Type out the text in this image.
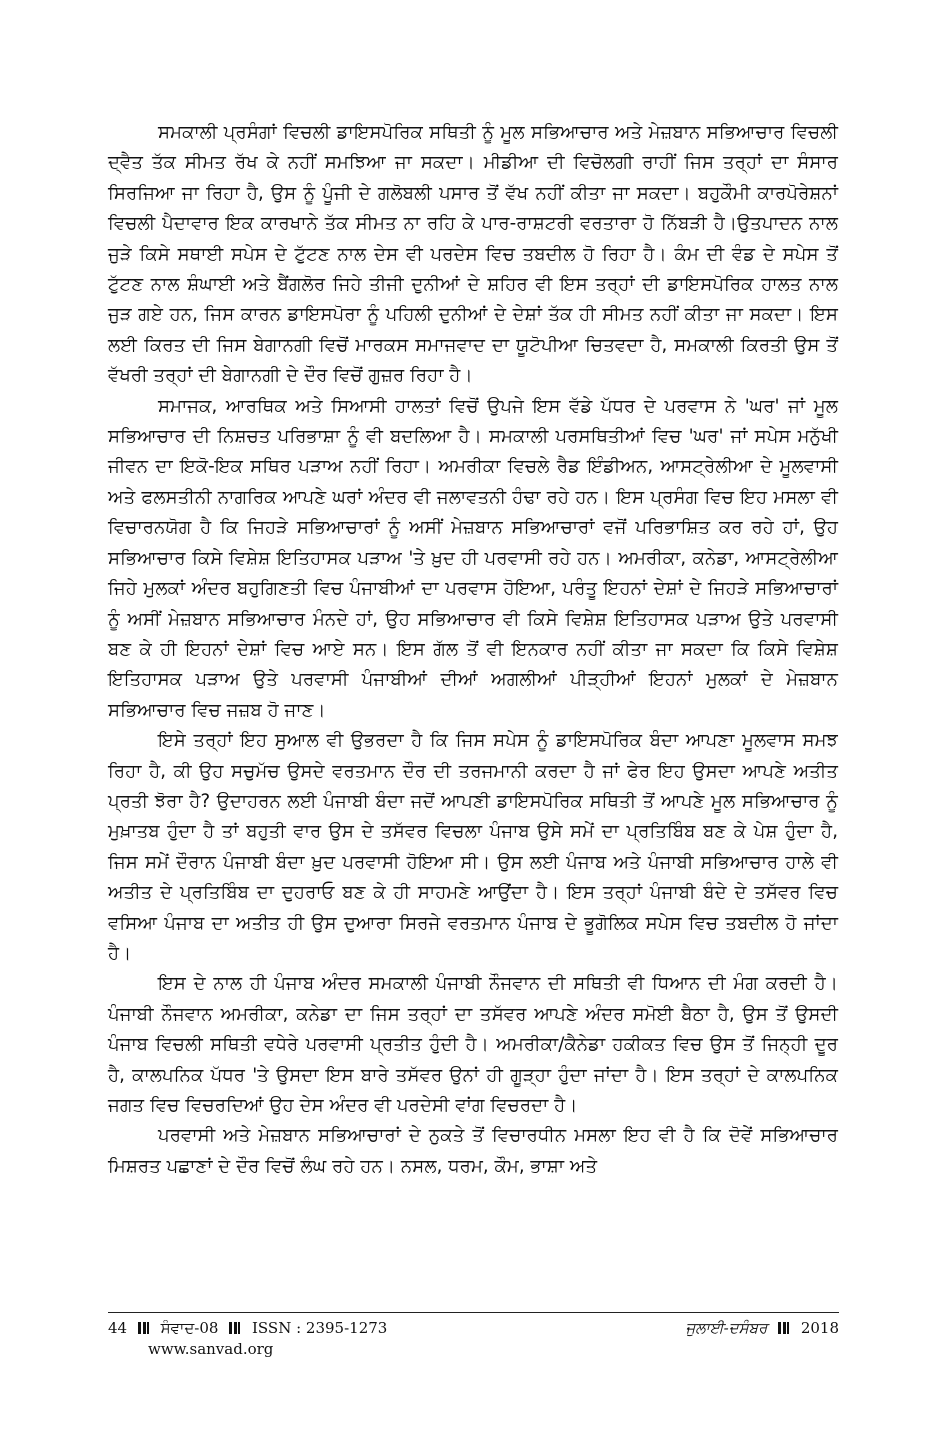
ਸਮਕਾਲੀ ਪ੍ਰਸੰਗਾਂ ਵਿਚਲੀ ਡਾਇਸਪੋਰਿਕ ਸਥਿਤੀ ਨੂੰ ਮੂਲ ਸਭਿਆਚਾਰ ਅਤੇ ਮੇਜ਼ਬਾਨ ਸਭਿਆਚਾਰ ਵਿਚਲੀ ਦ੍ਵੈਤ ਤੱਕ ਸੀਮਤ ਰੱਖ ਕੇ ਨਹੀਂ ਸਮਝਿਆ ਜਾ ਸਕਦਾ। ਮੀਡੀਆ ਦੀ ਵਿਚੋਲਗੀ ਰਾਹੀਂ ਜਿਸ ਤਰ੍ਹਾਂ ਦਾ ਸੰਸਾਰ ਸਿਰਜਿਆ ਜਾ ਰਿਹਾ ਹੈ, ਉਸ ਨੂੰ ਪੂੰਜੀ ਦੇ ਗਲੋਬਲੀ ਪਸਾਰ ਤੋਂ ਵੱਖ ਨਹੀਂ ਕੀਤਾ ਜਾ ਸਕਦਾ। ਬਹੁਕੌਮੀ ਕਾਰਪੋਰੇਸ਼ਨਾਂ ਵਿਚਲੀ ਪੈਦਾਵਾਰ ਇਕ ਕਾਰਖਾਨੇ ਤੱਕ ਸੀਮਤ ਨਾ ਰਹਿ ਕੇ ਪਾਰ-ਰਾਸ਼ਟਰੀ ਵਰਤਾਰਾ ਹੋ ਨਿੱਬੜੀ ਹੈ।ਉਤਪਾਦਨ ਨਾਲ ਜੁੜੇ ਕਿਸੇ ਸਥਾਈ ਸਪੇਸ ਦੇ ਟੁੱਟਣ ਨਾਲ ਦੇਸ ਵੀ ਪਰਦੇਸ ਵਿਚ ਤਬਦੀਲ ਹੋ ਰਿਹਾ ਹੈ। ਕੰਮ ਦੀ ਵੰਡ ਦੇ ਸਪੇਸ ਤੋਂ ਟੁੱਟਣ ਨਾਲ ਸ਼ੰਘਾਈ ਅਤੇ ਬੈਂਗਲੋਰ ਜਿਹੇ ਤੀਜੀ ਦੁਨੀਆਂ ਦੇ ਸ਼ਹਿਰ ਵੀ ਇਸ ਤਰ੍ਹਾਂ ਦੀ ਡਾਇਸਪੋਰਿਕ ਹਾਲਤ ਨਾਲ ਜੁੜ ਗਏ ਹਨ, ਜਿਸ ਕਾਰਨ ਡਾਇਸਪੋਰਾ ਨੂੰ ਪਹਿਲੀ ਦੁਨੀਆਂ ਦੇ ਦੇਸ਼ਾਂ ਤੱਕ ਹੀ ਸੀਮਤ ਨਹੀਂ ਕੀਤਾ ਜਾ ਸਕਦਾ। ਇਸ ਲਈ ਕਿਰਤ ਦੀ ਜਿਸ ਬੇਗਾਨਗੀ ਵਿਚੋਂ ਮਾਰਕਸ ਸਮਾਜਵਾਦ ਦਾ ਯੂਟੋਪੀਆ ਚਿਤਵਦਾ ਹੈ, ਸਮਕਾਲੀ ਕਿਰਤੀ ਉਸ ਤੋਂ ਵੱਖਰੀ ਤਰ੍ਹਾਂ ਦੀ ਬੇਗਾਨਗੀ ਦੇ ਦੌਰ ਵਿਚੋਂ ਗੁਜ਼ਰ ਰਿਹਾ ਹੈ।

ਸਮਾਜਕ, ਆਰਥਿਕ ਅਤੇ ਸਿਆਸੀ ਹਾਲਤਾਂ ਵਿਚੋਂ ਉਪਜੇ ਇਸ ਵੱਡੇ ਪੱਧਰ ਦੇ ਪਰਵਾਸ ਨੇ 'ਘਰ' ਜਾਂ ਮੂਲ ਸਭਿਆਚਾਰ ਦੀ ਨਿਸ਼ਚਤ ਪਰਿਭਾਸ਼ਾ ਨੂੰ ਵੀ ਬਦਲਿਆ ਹੈ। ਸਮਕਾਲੀ ਪਰਸਥਿਤੀਆਂ ਵਿਚ 'ਘਰ' ਜਾਂ ਸਪੇਸ ਮਨੁੱਖੀ ਜੀਵਨ ਦਾ ਇਕੋ-ਇਕ ਸਥਿਰ ਪੜਾਅ ਨਹੀਂ ਰਿਹਾ। ਅਮਰੀਕਾ ਵਿਚਲੇ ਰੈਡ ਇੰਡੀਅਨ, ਆਸਟ੍ਰੇਲੀਆ ਦੇ ਮੂਲਵਾਸੀ ਅਤੇ ਫਲਸਤੀਨੀ ਨਾਗਰਿਕ ਆਪਣੇ ਘਰਾਂ ਅੰਦਰ ਵੀ ਜਲਾਵਤਨੀ ਹੰਢਾ ਰਹੇ ਹਨ। ਇਸ ਪ੍ਰਸੰਗ ਵਿਚ ਇਹ ਮਸਲਾ ਵੀ ਵਿਚਾਰਨਯੋਗ ਹੈ ਕਿ ਜਿਹੜੇ ਸਭਿਆਚਾਰਾਂ ਨੂੰ ਅਸੀਂ ਮੇਜ਼ਬਾਨ ਸਭਿਆਚਾਰਾਂ ਵਜੋਂ ਪਰਿਭਾਸ਼ਿਤ ਕਰ ਰਹੇ ਹਾਂ, ਉਹ ਸਭਿਆਚਾਰ ਕਿਸੇ ਵਿਸ਼ੇਸ਼ ਇਤਿਹਾਸਕ ਪੜਾਅ 'ਤੇ ਖ਼ੁਦ ਹੀ ਪਰਵਾਸੀ ਰਹੇ ਹਨ। ਅਮਰੀਕਾ, ਕਨੇਡਾ, ਆਸਟ੍ਰੇਲੀਆ ਜਿਹੇ ਮੁਲਕਾਂ ਅੰਦਰ ਬਹੁਗਿਣਤੀ ਵਿਚ ਪੰਜਾਬੀਆਂ ਦਾ ਪਰਵਾਸ ਹੋਇਆ, ਪਰੰਤੂ ਇਹਨਾਂ ਦੇਸ਼ਾਂ ਦੇ ਜਿਹੜੇ ਸਭਿਆਚਾਰਾਂ ਨੂੰ ਅਸੀਂ ਮੇਜ਼ਬਾਨ ਸਭਿਆਚਾਰ ਮੰਨਦੇ ਹਾਂ, ਉਹ ਸਭਿਆਚਾਰ ਵੀ ਕਿਸੇ ਵਿਸ਼ੇਸ਼ ਇਤਿਹਾਸਕ ਪੜਾਅ ਉਤੇ ਪਰਵਾਸੀ ਬਣ ਕੇ ਹੀ ਇਹਨਾਂ ਦੇਸ਼ਾਂ ਵਿਚ ਆਏ ਸਨ। ਇਸ ਗੱਲ ਤੋਂ ਵੀ ਇਨਕਾਰ ਨਹੀਂ ਕੀਤਾ ਜਾ ਸਕਦਾ ਕਿ ਕਿਸੇ ਵਿਸ਼ੇਸ਼ ਇਤਿਹਾਸਕ ਪੜਾਅ ਉਤੇ ਪਰਵਾਸੀ ਪੰਜਾਬੀਆਂ ਦੀਆਂ ਅਗਲੀਆਂ ਪੀੜ੍ਹੀਆਂ ਇਹਨਾਂ ਮੁਲਕਾਂ ਦੇ ਮੇਜ਼ਬਾਨ ਸਭਿਆਚਾਰ ਵਿਚ ਜਜ਼ਬ ਹੋ ਜਾਣ।

ਇਸੇ ਤਰ੍ਹਾਂ ਇਹ ਸੁਆਲ ਵੀ ਉਭਰਦਾ ਹੈ ਕਿ ਜਿਸ ਸਪੇਸ ਨੂੰ ਡਾਇਸਪੋਰਿਕ ਬੰਦਾ ਆਪਣਾ ਮੂਲਵਾਸ ਸਮਝ ਰਿਹਾ ਹੈ, ਕੀ ਉਹ ਸਚੁਮੱਚ ਉਸਦੇ ਵਰਤਮਾਨ ਦੌਰ ਦੀ ਤਰਜਮਾਨੀ ਕਰਦਾ ਹੈ ਜਾਂ ਫੇਰ ਇਹ ਉਸਦਾ ਆਪਣੇ ਅਤੀਤ ਪ੍ਰਤੀ ਝੋਰਾ ਹੈ? ਉਦਾਹਰਨ ਲਈ ਪੰਜਾਬੀ ਬੰਦਾ ਜਦੋਂ ਆਪਣੀ ਡਾਇਸਪੋਰਿਕ ਸਥਿਤੀ ਤੋਂ ਆਪਣੇ ਮੂਲ ਸਭਿਆਚਾਰ ਨੂੰ ਮੁਖ਼ਾਤਬ ਹੁੰਦਾ ਹੈ ਤਾਂ ਬਹੁਤੀ ਵਾਰ ਉਸ ਦੇ ਤਸੱਵਰ ਵਿਚਲਾ ਪੰਜਾਬ ਉਸੇ ਸਮੇਂ ਦਾ ਪ੍ਰਤਿਬਿੰਬ ਬਣ ਕੇ ਪੇਸ਼ ਹੁੰਦਾ ਹੈ, ਜਿਸ ਸਮੇਂ ਦੌਰਾਨ ਪੰਜਾਬੀ ਬੰਦਾ ਖ਼ੁਦ ਪਰਵਾਸੀ ਹੋਇਆ ਸੀ। ਉਸ ਲਈ ਪੰਜਾਬ ਅਤੇ ਪੰਜਾਬੀ ਸਭਿਆਚਾਰ ਹਾਲੇ ਵੀ ਅਤੀਤ ਦੇ ਪ੍ਰਤਿਬਿੰਬ ਦਾ ਦੁਹਰਾਓ ਬਣ ਕੇ ਹੀ ਸਾਹਮਣੇ ਆਉਂਦਾ ਹੈ। ਇਸ ਤਰ੍ਹਾਂ ਪੰਜਾਬੀ ਬੰਦੇ ਦੇ ਤਸੱਵਰ ਵਿਚ ਵਸਿਆ ਪੰਜਾਬ ਦਾ ਅਤੀਤ ਹੀ ਉਸ ਦੁਆਰਾ ਸਿਰਜੇ ਵਰਤਮਾਨ ਪੰਜਾਬ ਦੇ ਭੂਗੋਲਿਕ ਸਪੇਸ ਵਿਚ ਤਬਦੀਲ ਹੋ ਜਾਂਦਾ ਹੈ।

ਇਸ ਦੇ ਨਾਲ ਹੀ ਪੰਜਾਬ ਅੰਦਰ ਸਮਕਾਲੀ ਪੰਜਾਬੀ ਨੌਜਵਾਨ ਦੀ ਸਥਿਤੀ ਵੀ ਧਿਆਨ ਦੀ ਮੰਗ ਕਰਦੀ ਹੈ। ਪੰਜਾਬੀ ਨੌਜਵਾਨ ਅਮਰੀਕਾ, ਕਨੇਡਾ ਦਾ ਜਿਸ ਤਰ੍ਹਾਂ ਦਾ ਤਸੱਵਰ ਆਪਣੇ ਅੰਦਰ ਸਮੋਈ ਬੈਠਾ ਹੈ, ਉਸ ਤੋਂ ਉਸਦੀ ਪੰਜਾਬ ਵਿਚਲੀ ਸਥਿਤੀ ਵਧੇਰੇ ਪਰਵਾਸੀ ਪ੍ਰਤੀਤ ਹੁੰਦੀ ਹੈ। ਅਮਰੀਕਾ/ਕੈਨੇਡਾ ਹਕੀਕਤ ਵਿਚ ਉਸ ਤੋਂ ਜਿਨ੍ਹੀ ਦੂਰ ਹੈ, ਕਾਲਪਨਿਕ ਪੱਧਰ 'ਤੇ ਉਸਦਾ ਇਸ ਬਾਰੇ ਤਸੱਵਰ ਉਨਾਂ ਹੀ ਗੂੜ੍ਹਾ ਹੁੰਦਾ ਜਾਂਦਾ ਹੈ। ਇਸ ਤਰ੍ਹਾਂ ਦੇ ਕਾਲਪਨਿਕ ਜਗਤ ਵਿਚ ਵਿਚਰਦਿਆਂ ਉਹ ਦੇਸ ਅੰਦਰ ਵੀ ਪਰਦੇਸੀ ਵਾਂਗ ਵਿਚਰਦਾ ਹੈ।

ਪਰਵਾਸੀ ਅਤੇ ਮੇਜ਼ਬਾਨ ਸਭਿਆਚਾਰਾਂ ਦੇ ਨੁਕਤੇ ਤੋਂ ਵਿਚਾਰਧੀਨ ਮਸਲਾ ਇਹ ਵੀ ਹੈ ਕਿ ਦੋਵੇਂ ਸਭਿਆਚਾਰ ਮਿਸ਼ਰਤ ਪਛਾਣਾਂ ਦੇ ਦੌਰ ਵਿਚੋਂ ਲੰਘ ਰਹੇ ਹਨ। ਨਸਲ, ਧਰਮ, ਕੌਮ, ਭਾਸ਼ਾ ਅਤੇ

44 ਸੰਵਾਦ-08 ISSN : 2395-1273	ਜੁਲਾਈ-ਦਸੰਬਰ 2018
www.sanvad.org
